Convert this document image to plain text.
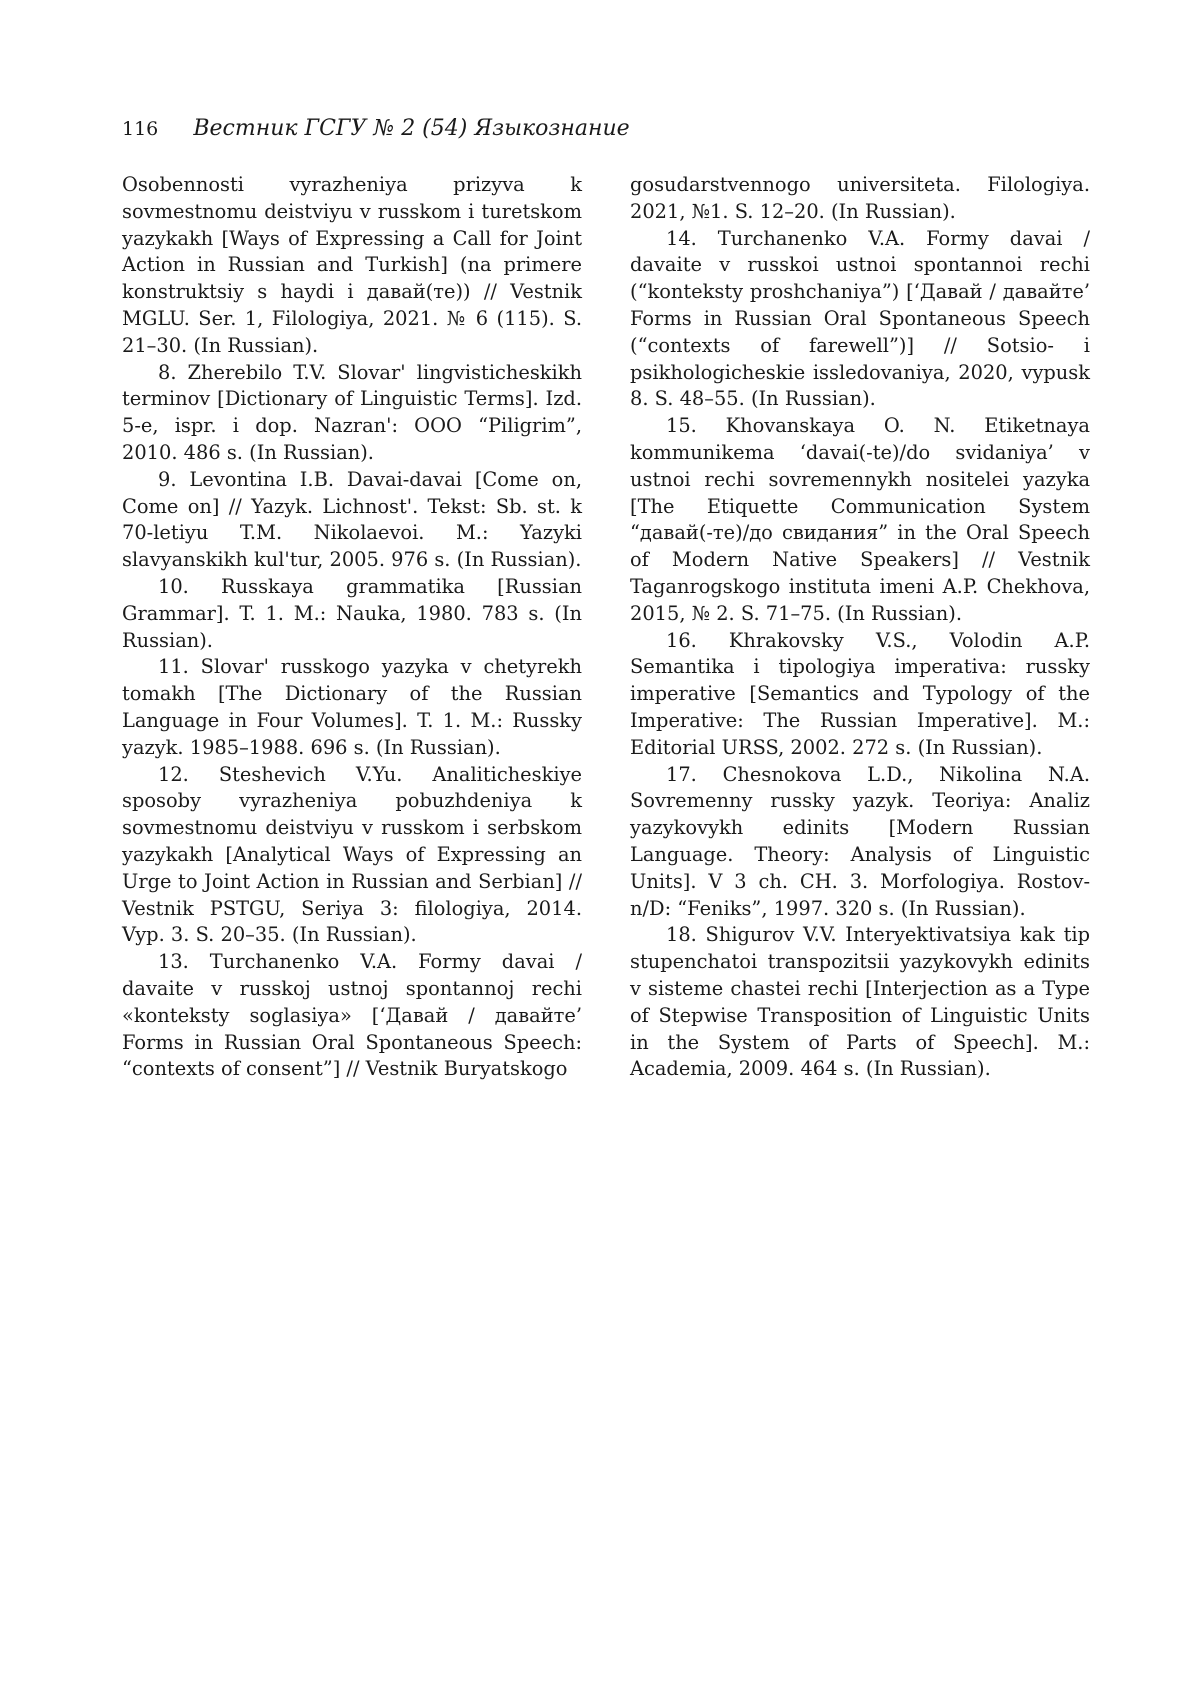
116 Вестник ГСГУ № 2 (54) Языкознание

Osobennosti vyrazheniya prizyva k sovmestnomu deistviyu v russkom i turetskom yazykakh [Ways of Expressing a Call for Joint Action in Russian and Turkish] (na primere konstruktsiy s haydi i давай(те)) // Vestnik MGLU. Ser. 1, Filologiya, 2021. № 6 (115). S. 21–30. (In Russian).

8. Zherebilo T.V. Slovar' lingvisticheskikh terminov [Dictionary of Linguistic Terms]. Izd. 5-e, ispr. i dop. Nazran': OOO “Piligrim”, 2010. 486 s. (In Russian).

9. Levontina I.B. Davai-davai [Come on, Come on] // Yazyk. Lichnost'. Tekst: Sb. st. k 70-letiyu T.M. Nikolaevoi. M.: Yazyki slavyanskikh kul'tur, 2005. 976 s. (In Russian).

10. Russkaya grammatika [Russian Grammar]. T. 1. M.: Nauka, 1980. 783 s. (In Russian).

11. Slovar' russkogo yazyka v chetyrekh tomakh [The Dictionary of the Russian Language in Four Volumes]. T. 1. M.: Russky yazyk. 1985–1988. 696 s. (In Russian).

12. Steshevich V.Yu. Analiticheskiye sposoby vyrazheniya pobuzhdeniya k sovmestnomu deistviyu v russkom i serbskom yazykakh [Analytical Ways of Expressing an Urge to Joint Action in Russian and Serbian] // Vestnik PSTGU, Seriya 3: filologiya, 2014. Vyp. 3. S. 20–35. (In Russian).

13. Turchanenko V.A. Formy davai / davaite v russkoj ustnoj spontannoj rechi «konteksty soglasiya» [‘Давай / давайте’ Forms in Russian Oral Spontaneous Speech: “contexts of consent”] // Vestnik Buryatskogo

gosudarstvennogo universiteta. Filologiya. 2021, №1. S. 12–20. (In Russian).

14. Turchanenko V.A. Formy davai / davaite v russkoi ustnoi spontannoi rechi (“konteksty proshchaniya”) [‘Давай / давайте’ Forms in Russian Oral Spontaneous Speech (“contexts of farewell”)] // Sotsio- i psikhologicheskie issledovaniya, 2020, vypusk 8. S. 48–55. (In Russian).

15. Khovanskaya O. N. Etiketnaya kommunikema ‘davai(-te)/do svidaniya’ v ustnoi rechi sovremennykh nositelei yazyka [The Etiquette Communication System “давай(-те)/до свидания” in the Oral Speech of Modern Native Speakers] // Vestnik Taganrogskogo instituta imeni A.P. Chekhova, 2015, № 2. S. 71–75. (In Russian).

16. Khrakovsky V.S., Volodin A.P. Semantika i tipologiya imperativa: russky imperative [Semantics and Typology of the Imperative: The Russian Imperative]. M.: Editorial URSS, 2002. 272 s. (In Russian).

17. Chesnokova L.D., Nikolina N.A. Sovremenny russky yazyk. Teoriya: Analiz yazykovykh edinits [Modern Russian Language. Theory: Analysis of Linguistic Units]. V 3 ch. CH. 3. Morfologiya. Rostov-n/D: “Feniks”, 1997. 320 s. (In Russian).

18. Shigurov V.V. Interyektivatsiya kak tip stupenchatoi transpozitsii yazykovykh edinits v sisteme chastei rechi [Interjection as a Type of Stepwise Transposition of Linguistic Units in the System of Parts of Speech]. M.: Academia, 2009. 464 s. (In Russian).
